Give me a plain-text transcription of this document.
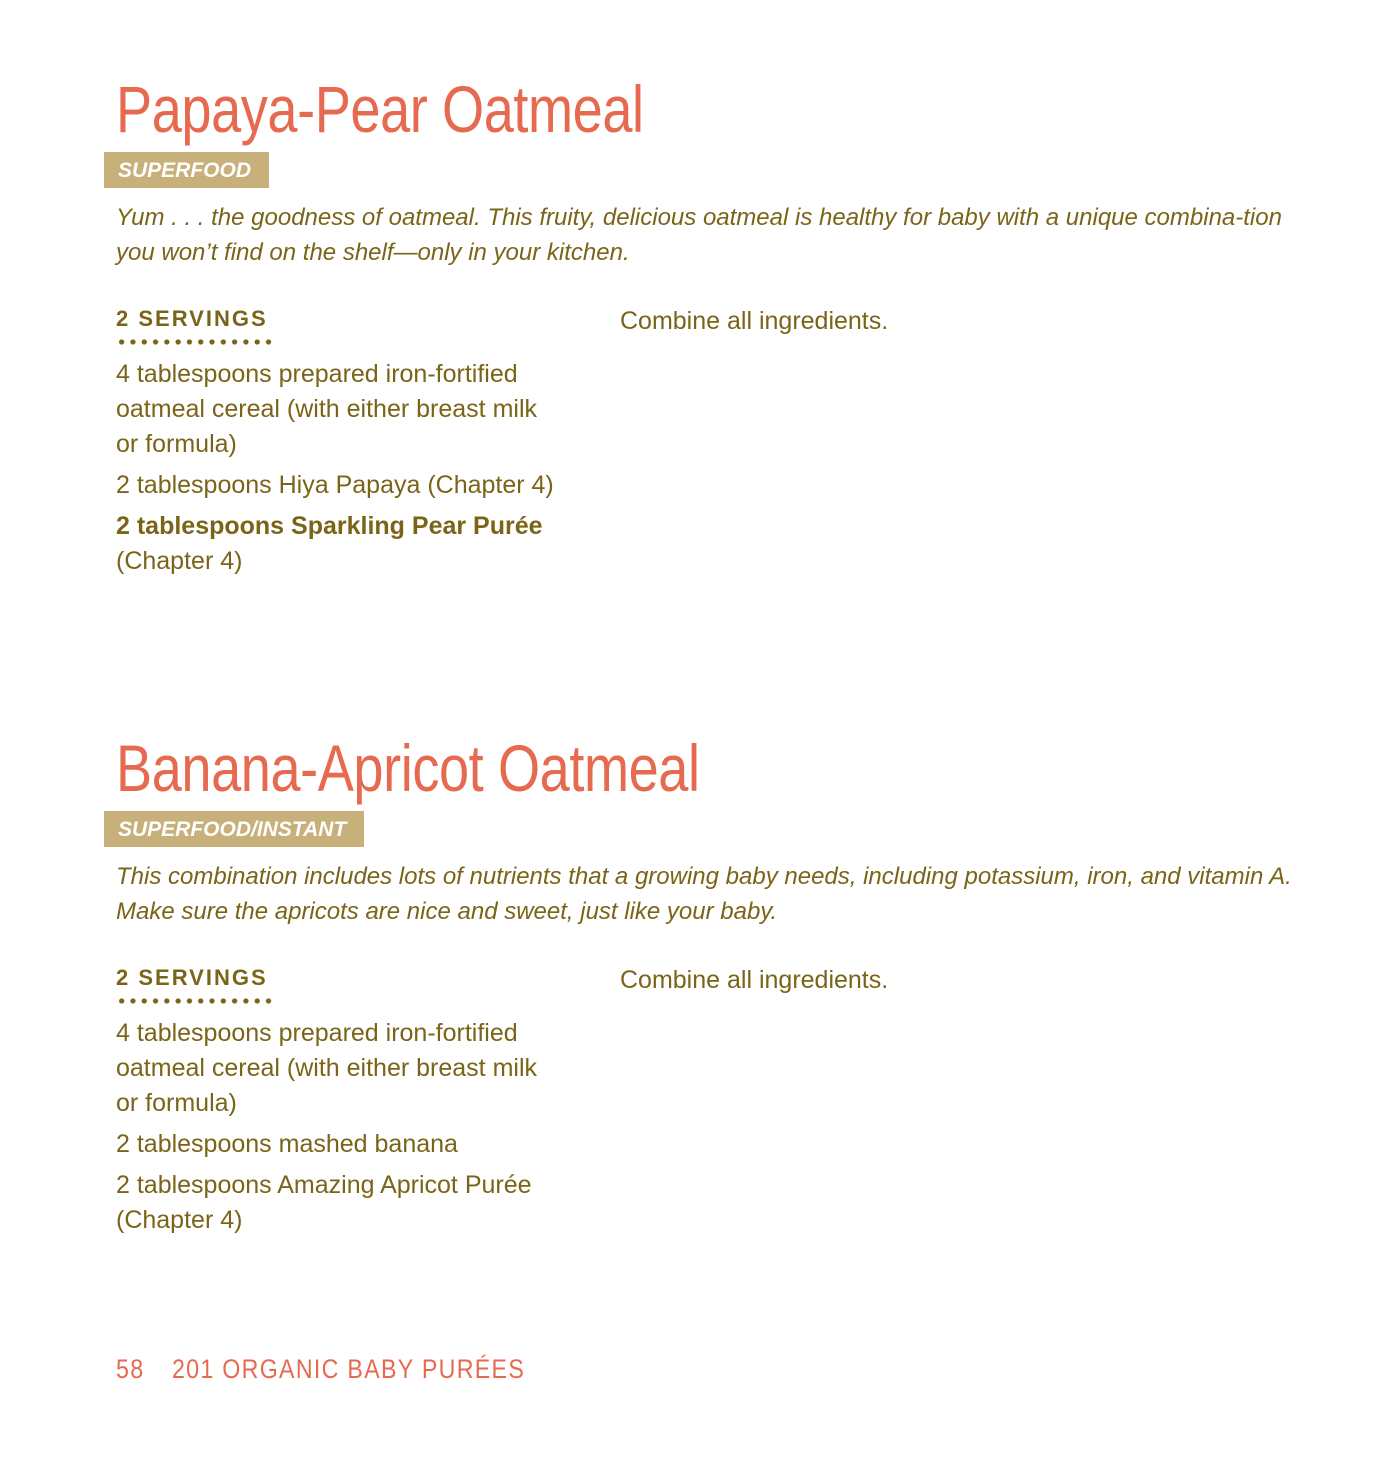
Papaya-Pear Oatmeal
SUPERFOOD

Yum . . . the goodness of oatmeal. This fruity, delicious oatmeal is healthy for baby with a unique combina-tion you won’t find on the shelf—only in your kitchen.

2 SERVINGS
4 tablespoons prepared iron-fortified oatmeal cereal (with either breast milk or formula)
2 tablespoons Hiya Papaya (Chapter 4)
2 tablespoons Sparkling Pear Purée (Chapter 4)

Combine all ingredients.

Banana-Apricot Oatmeal
SUPERFOOD/INSTANT

This combination includes lots of nutrients that a growing baby needs, including potassium, iron, and vitamin A. Make sure the apricots are nice and sweet, just like your baby.

2 SERVINGS
4 tablespoons prepared iron-fortified oatmeal cereal (with either breast milk or formula)
2 tablespoons mashed banana
2 tablespoons Amazing Apricot Purée (Chapter 4)

Combine all ingredients.

58 201 ORGANIC BABY PURÉES
